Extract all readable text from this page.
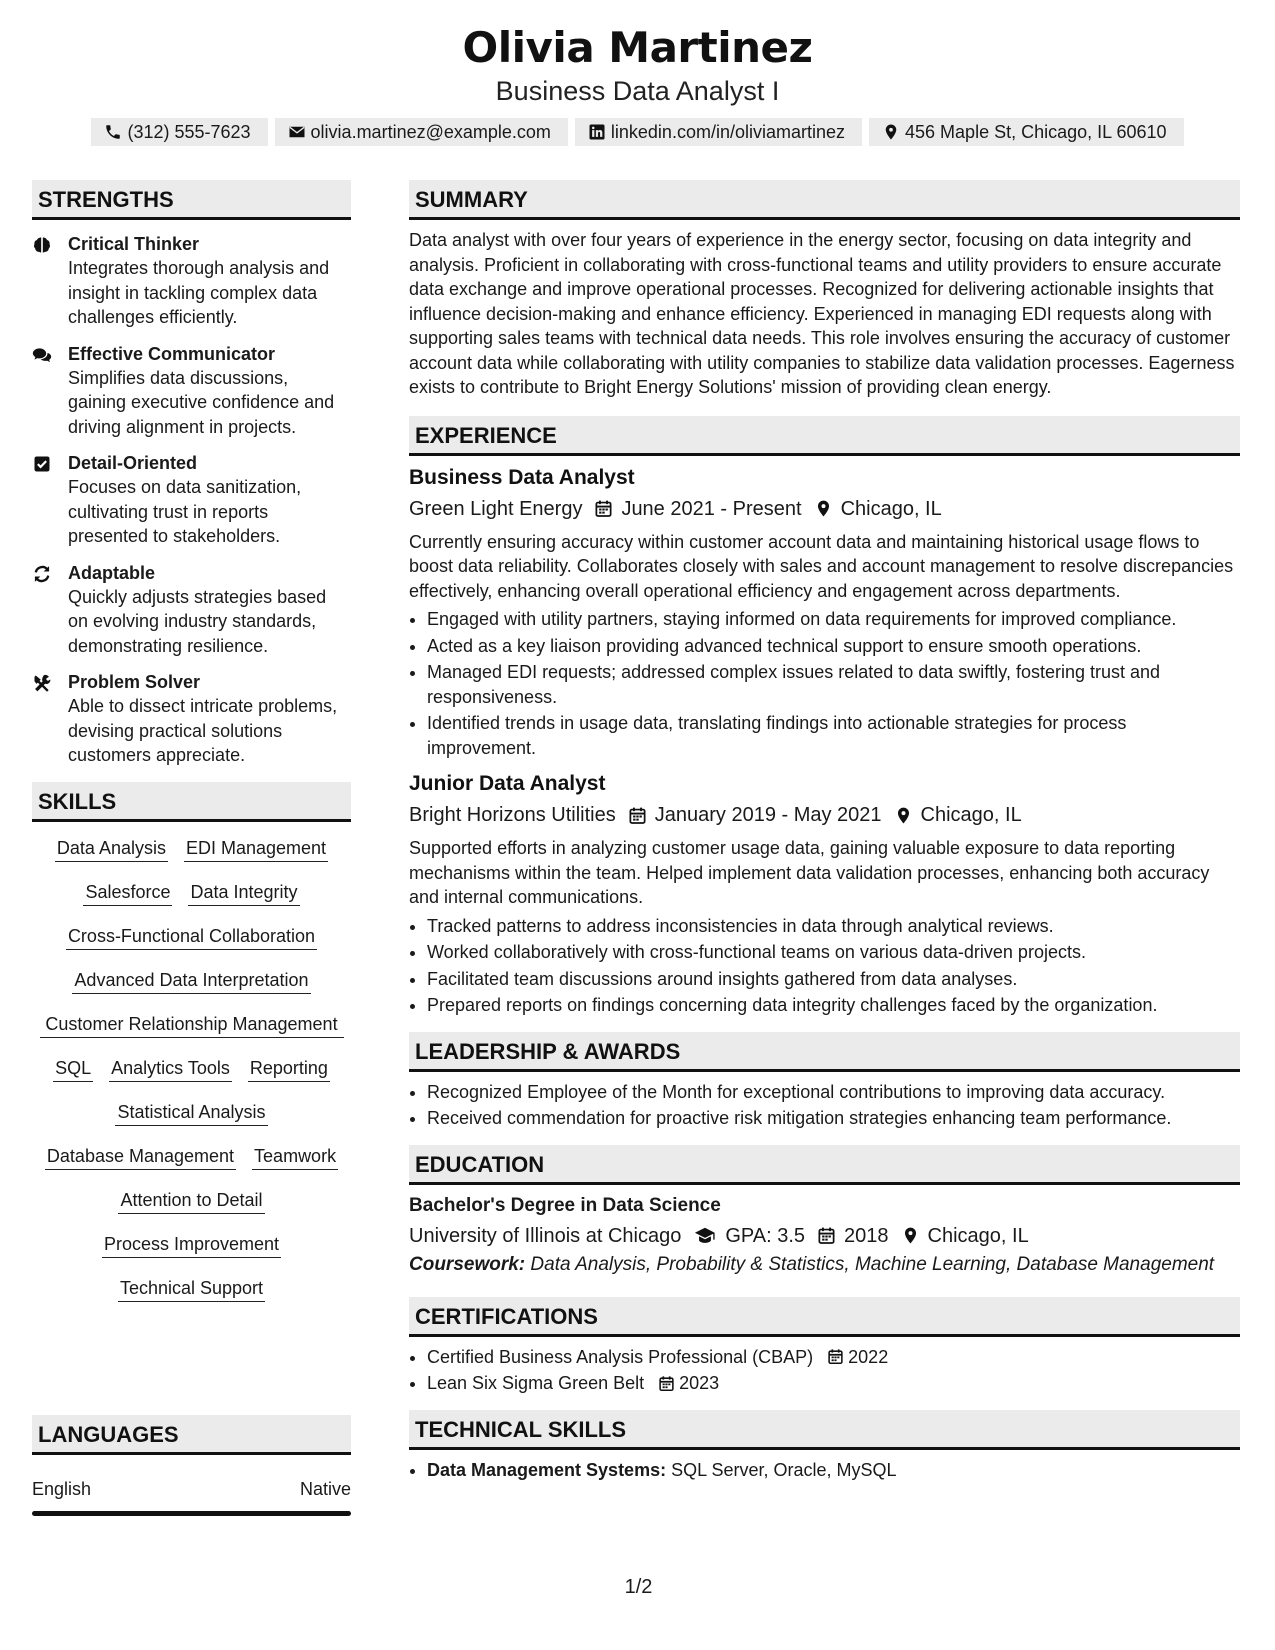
Olivia Martinez
Business Data Analyst I
(312) 555-7623	olivia.martinez@example.com	linkedin.com/in/oliviamartinez	456 Maple St, Chicago, IL 60610
STRENGTHS
Critical Thinker
Integrates thorough analysis and insight in tackling complex data challenges efficiently.
Effective Communicator
Simplifies data discussions, gaining executive confidence and driving alignment in projects.
Detail-Oriented
Focuses on data sanitization, cultivating trust in reports presented to stakeholders.
Adaptable
Quickly adjusts strategies based on evolving industry standards, demonstrating resilience.
Problem Solver
Able to dissect intricate problems, devising practical solutions customers appreciate.
SKILLS
Data Analysis EDI Management
Salesforce Data Integrity
Cross-Functional Collaboration
Advanced Data Interpretation
Customer Relationship Management
SQL Analytics Tools Reporting
Statistical Analysis
Database Management Teamwork
Attention to Detail
Process Improvement
Technical Support
LANGUAGES
English	Native
SUMMARY
Data analyst with over four years of experience in the energy sector, focusing on data integrity and analysis. Proficient in collaborating with cross-functional teams and utility providers to ensure accurate data exchange and improve operational processes. Recognized for delivering actionable insights that influence decision-making and enhance efficiency. Experienced in managing EDI requests along with supporting sales teams with technical data needs. This role involves ensuring the accuracy of customer account data while collaborating with utility companies to stabilize data validation processes. Eagerness exists to contribute to Bright Energy Solutions' mission of providing clean energy.
EXPERIENCE
Business Data Analyst
Green Light Energy June 2021 - Present Chicago, IL
Currently ensuring accuracy within customer account data and maintaining historical usage flows to boost data reliability. Collaborates closely with sales and account management to resolve discrepancies effectively, enhancing overall operational efficiency and engagement across departments.
• Engaged with utility partners, staying informed on data requirements for improved compliance.
• Acted as a key liaison providing advanced technical support to ensure smooth operations.
• Managed EDI requests; addressed complex issues related to data swiftly, fostering trust and responsiveness.
• Identified trends in usage data, translating findings into actionable strategies for process improvement.
Junior Data Analyst
Bright Horizons Utilities January 2019 - May 2021 Chicago, IL
Supported efforts in analyzing customer usage data, gaining valuable exposure to data reporting mechanisms within the team. Helped implement data validation processes, enhancing both accuracy and internal communications.
• Tracked patterns to address inconsistencies in data through analytical reviews.
• Worked collaboratively with cross-functional teams on various data-driven projects.
• Facilitated team discussions around insights gathered from data analyses.
• Prepared reports on findings concerning data integrity challenges faced by the organization.
LEADERSHIP & AWARDS
• Recognized Employee of the Month for exceptional contributions to improving data accuracy.
• Received commendation for proactive risk mitigation strategies enhancing team performance.
EDUCATION
Bachelor's Degree in Data Science
University of Illinois at Chicago GPA: 3.5 2018 Chicago, IL
Coursework: Data Analysis, Probability & Statistics, Machine Learning, Database Management
CERTIFICATIONS
• Certified Business Analysis Professional (CBAP) 2022
• Lean Six Sigma Green Belt 2023
TECHNICAL SKILLS
• Data Management Systems: SQL Server, Oracle, MySQL
1/2
